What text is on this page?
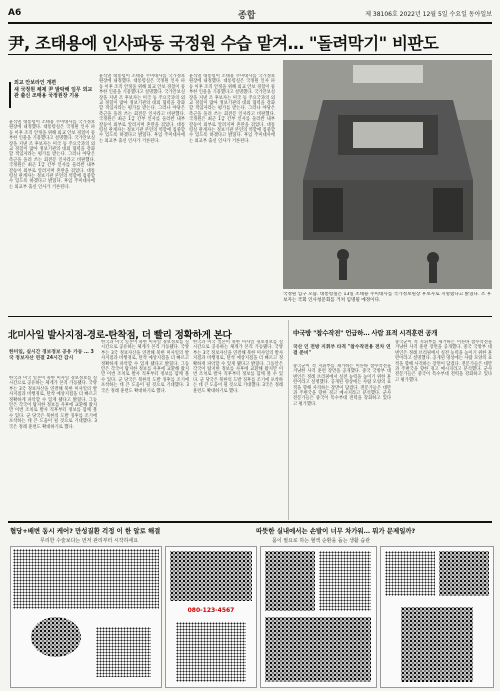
A6	종합	제 38106호 2022년 12월 5일 수요일 동아일보
尹, 조태용에 인사파동 국정원 수습 맡겨… "돌려막기" 비판도
외교 안보라인 개편
새 국정원 체제 尹 발탁해 임무 외교관 출신 조태용 국정원장 기용
윤석열 대통령이 조태용 주미대사를 국가정보원장에 내정했다. 대통령실은 국정원 인사 파동 이후 조직 안정을 위해 외교 안보 경험이 풍부한 인물을 기용했다고 설명했다. 국가안보실장을 지낸 조 후보자는 미국 등 주요국과의 외교 경험이 많아 정보기관의 대외 협력을 강화할 적임자라는 평가를 받는다. 그러나 야당은 측근을 돌려 쓰는 회전문 인사라고 비판했다. 국정원은 최근 1급 간부 인사를 둘러싼 내부 갈등이 외부로 알려지며 혼란을 겪었다. 대통령실 관계자는 정보기관 본연의 역할에 집중할 수 있도록 하겠다고 밝혔다. 후임 주미대사에는 외교부 출신 인사가 거론된다.
윤석열 대통령이 조태용 주미대사를 국가정보원장에 내정했다. 대통령실은 국정원 인사 파동 이후 조직 안정을 위해 외교 안보 경험이 풍부한 인물을 기용했다고 설명했다. 국가안보실장을 지낸 조 후보자는 미국 등 주요국과의 외교 경험이 많아 정보기관의 대외 협력을 강화할 적임자라는 평가를 받는다. 그러나 야당은 측근을 돌려 쓰는 회전문 인사라고 비판했다. 국정원은 최근 1급 간부 인사를 둘러싼 내부 갈등이 외부로 알려지며 혼란을 겪었다. 대통령실 관계자는 정보기관 본연의 역할에 집중할 수 있도록 하겠다고 밝혔다. 후임 주미대사에는 외교부 출신 인사가 거론된다.
윤석열 대통령이 조태용 주미대사를 국가정보원장에 내정했다. 대통령실은 국정원 인사 파동 이후 조직 안정을 위해 외교 안보 경험이 풍부한 인물을 기용했다고 설명했다. 국가안보실장을 지낸 조 후보자는 미국 등 주요국과의 외교 경험이 많아 정보기관의 대외 협력을 강화할 적임자라는 평가를 받는다. 그러나 야당은 측근을 돌려 쓰는 회전문 인사라고 비판했다. 국정원은 최근 1급 간부 인사를 둘러싼 내부 갈등이 외부로 알려지며 혼란을 겪었다. 대통령실 관계자는 정보기관 본연의 역할에 집중할 수 있도록 하겠다고 밝혔다. 후임 주미대사에는 외교부 출신 인사가 거론된다.
국정원 입구 모습. 대통령실은 13일 조태용 주미대사를 국가정보원장 후보자로 지명했다고 밝혔다. 조 후보자는 국회 인사청문회를 거쳐 임명될 예정이다.
北미사일 발사지점-경로-탄착점, 더 빨리 정확하게 본다
한미일, 실시간 경보정보 공유 가동 … 3국 정보자산 연결 24시간 감시
한국과 미국 일본이 북한 미사일 경보정보를 실시간으로 공유하는 체계가 본격 가동됐다. 국방부는 3국 정보자산을 연결해 북한 미사일의 발사지점과 비행경로, 탄착 예상지점을 더 빠르고 정확하게 파악할 수 있게 됐다고 밝혔다. 그동안은 각국이 탐지한 정보를 사후에 교환해 왔지만 이번 조치로 발사 직후부터 정보를 함께 볼 수 있다. 군 당국은 북한의 도발 징후를 조기에 포착하는 데 큰 도움이 될 것으로 기대했다. 3국은 정례 훈련도 확대하기로 했다.
한국과 미국 일본이 북한 미사일 경보정보를 실시간으로 공유하는 체계가 본격 가동됐다. 국방부는 3국 정보자산을 연결해 북한 미사일의 발사지점과 비행경로, 탄착 예상지점을 더 빠르고 정확하게 파악할 수 있게 됐다고 밝혔다. 그동안은 각국이 탐지한 정보를 사후에 교환해 왔지만 이번 조치로 발사 직후부터 정보를 함께 볼 수 있다. 군 당국은 북한의 도발 징후를 조기에 포착하는 데 큰 도움이 될 것으로 기대했다. 3국은 정례 훈련도 확대하기로 했다.
한국과 미국 일본이 북한 미사일 경보정보를 실시간으로 공유하는 체계가 본격 가동됐다. 국방부는 3국 정보자산을 연결해 북한 미사일의 발사지점과 비행경로, 탄착 예상지점을 더 빠르고 정확하게 파악할 수 있게 됐다고 밝혔다. 그동안은 각국이 탐지한 정보를 사후에 교환해 왔지만 이번 조치로 발사 직후부터 정보를 함께 볼 수 있다. 군 당국은 북한의 도발 징후를 조기에 포착하는 데 큰 도움이 될 것으로 기대했다. 3국은 정례 훈련도 확대하기로 했다.
中국방 "참수작전" 언급하… 사람 표적 시격훈련 공개
국산 인 전방 지휘부 타격 "참수작전용 전차 연결 준비"
중국군이 적 지휘부를 제거하는 이른바 참수작전을 겨냥한 사격 훈련 장면을 공개했다. 중국 국방부 대변인은 정례 브리핑에서 실전 능력을 높이기 위한 훈련이라고 설명했다. 공개된 영상에는 사람 모양의 표적을 향해 사격하는 장면이 담겼다. 전문가들은 대만과 주변국을 향한 경고 메시지라고 분석했다. 군사 전문가들은 중국이 특수부대 전력을 강화하고 있다고 평가했다.
중국군이 적 지휘부를 제거하는 이른바 참수작전을 겨냥한 사격 훈련 장면을 공개했다. 중국 국방부 대변인은 정례 브리핑에서 실전 능력을 높이기 위한 훈련이라고 설명했다. 공개된 영상에는 사람 모양의 표적을 향해 사격하는 장면이 담겼다. 전문가들은 대만과 주변국을 향한 경고 메시지라고 분석했다. 군사 전문가들은 중국이 특수부대 전력을 강화하고 있다고 평가했다.
혈당+배변 동시 케어? 만성질환 걱정 이 한 알로 해결	따뜻한 실내에서는 손발이 너무 차가워… 뭐가 문제일까?
무리한 수술보다는 먼저 관리부터 시작하세요	몸이 필요로 하는 혈액 순환을 돕는 생활 습관
080-123-4567
